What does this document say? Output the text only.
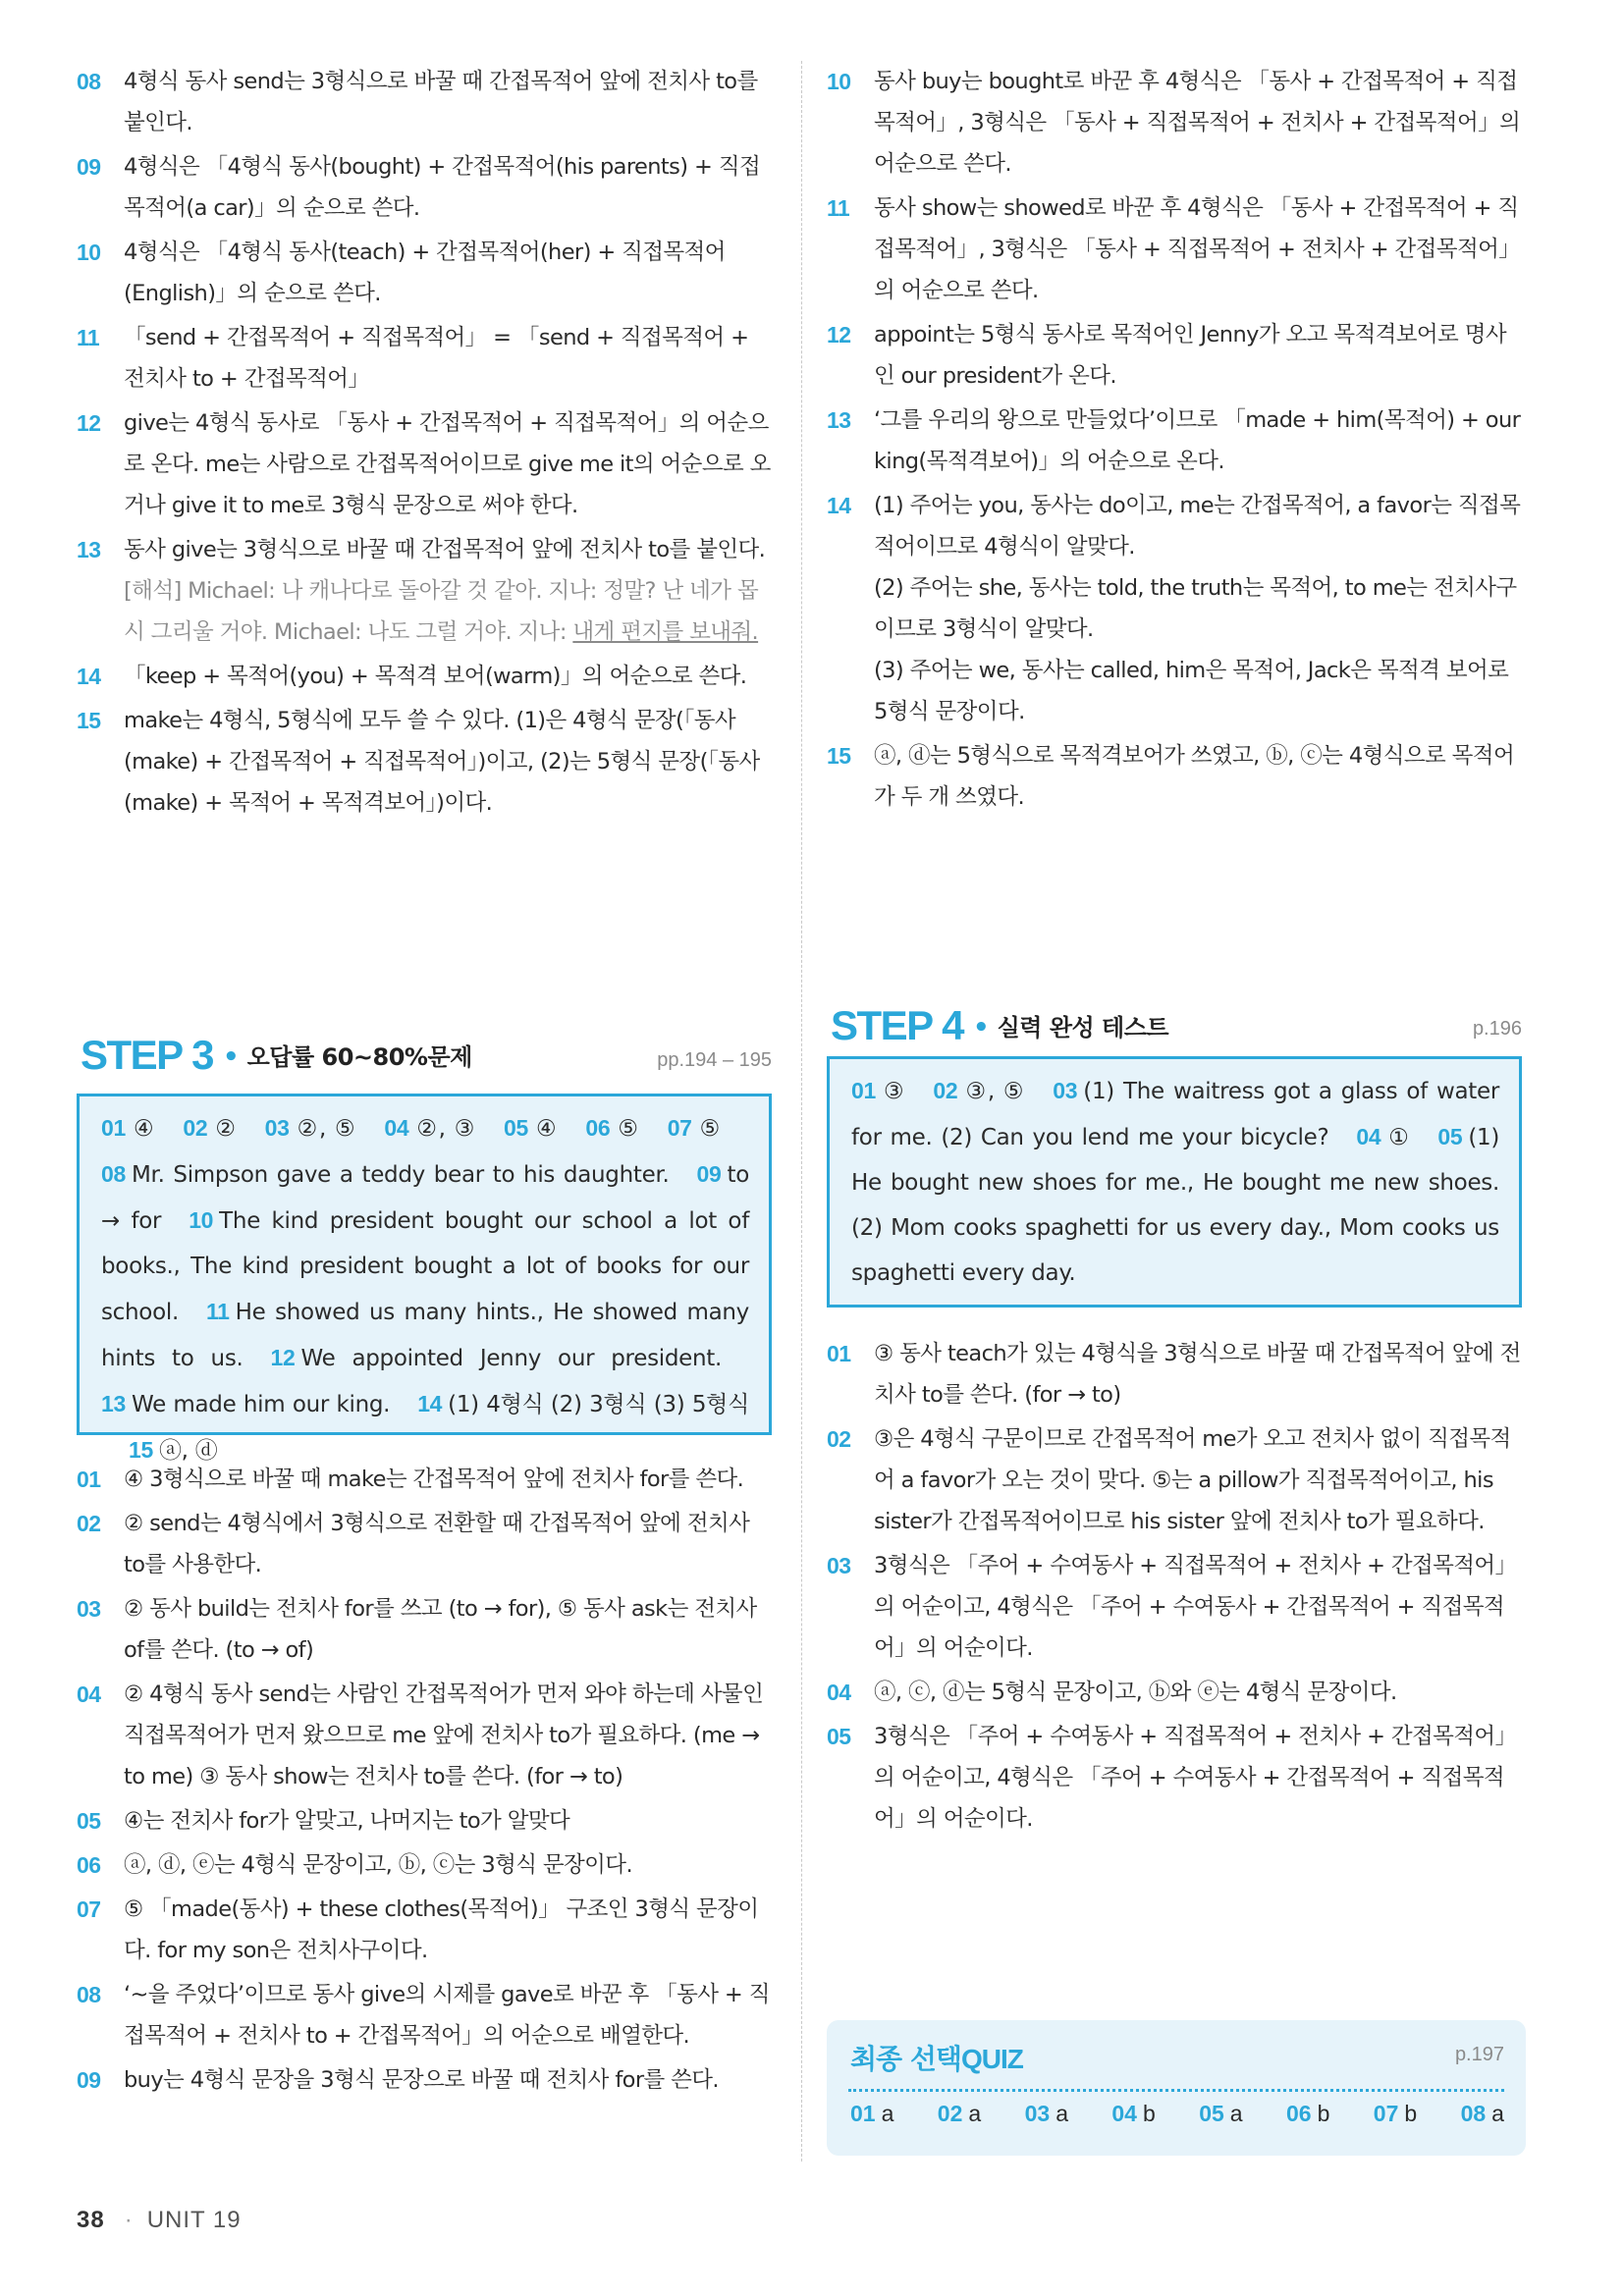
08 4형식 동사 send는 3형식으로 바꿀 때 간접목적어 앞에 전치사 to를 붙인다.
09 4형식은 「4형식 동사(bought) + 간접목적어(his parents) + 직접목적어(a car)」의 순으로 쓴다.
10 4형식은 「4형식 동사(teach) + 간접목적어(her) + 직접목적어(English)」의 순으로 쓴다.
11 「send + 간접목적어 + 직접목적어」 = 「send + 직접목적어 + 전치사 to + 간접목적어」
12 give는 4형식 동사로 「동사 + 간접목적어 + 직접목적어」의 어순으로 온다. me는 사람으로 간접목적어이므로 give me it의 어순으로 오거나 give it to me로 3형식 문장으로 써야 한다.
13 동사 give는 3형식으로 바꿀 때 간접목적어 앞에 전치사 to를 붙인다.
[해석] Michael: 나 캐나다로 돌아갈 것 같아. 지나: 정말? 난 네가 몹시 그리울 거야. Michael: 나도 그럴 거야. 지나: 내게 편지를 보내줘.
14 「keep + 목적어(you) + 목적격 보어(warm)」의 어순으로 쓴다.
15 make는 4형식, 5형식에 모두 쓸 수 있다. (1)은 4형식 문장(「동사(make) + 간접목적어 + 직접목적어」)이고, (2)는 5형식 문장(「동사(make) + 목적어 + 목적격보어」)이다.
STEP 3 • 오답률 60~80%문제	pp.194 – 195
01 ④ 02 ② 03 ②, ⑤ 04 ②, ③ 05 ④ 06 ⑤ 07 ⑤08 Mr. Simpson gave a teddy bear to his daughter. 09 to → for 10 The kind president bought our school a lot of books., The kind president bought a lot of books for our school. 11 He showed us many hints., He showed many hints to us. 12 We appointed Jenny our president.13 We made him our king. 14 (1) 4형식 (2) 3형식 (3) 5형식15 ⓐ, ⓓ
01 ④ 3형식으로 바꿀 때 make는 간접목적어 앞에 전치사 for를 쓴다.
02 ② send는 4형식에서 3형식으로 전환할 때 간접목적어 앞에 전치사 to를 사용한다.
03 ② 동사 build는 전치사 for를 쓰고 (to → for), ⑤ 동사 ask는 전치사 of를 쓴다. (to → of)
04 ② 4형식 동사 send는 사람인 간접목적어가 먼저 와야 하는데 사물인 직접목적어가 먼저 왔으므로 me 앞에 전치사 to가 필요하다. (me → to me) ③ 동사 show는 전치사 to를 쓴다. (for → to)
05 ④는 전치사 for가 알맞고, 나머지는 to가 알맞다
06 ⓐ, ⓓ, ⓔ는 4형식 문장이고, ⓑ, ⓒ는 3형식 문장이다.
07 ⑤ 「made(동사) + these clothes(목적어)」 구조인 3형식 문장이다. for my son은 전치사구이다.
08 ‘~을 주었다’이므로 동사 give의 시제를 gave로 바꾼 후 「동사 + 직접목적어 + 전치사 to + 간접목적어」의 어순으로 배열한다.
09 buy는 4형식 문장을 3형식 문장으로 바꿀 때 전치사 for를 쓴다.
10 동사 buy는 bought로 바꾼 후 4형식은 「동사 + 간접목적어 + 직접목적어」, 3형식은 「동사 + 직접목적어 + 전치사 + 간접목적어」의 어순으로 쓴다.
11 동사 show는 showed로 바꾼 후 4형식은 「동사 + 간접목적어 + 직접목적어」, 3형식은 「동사 + 직접목적어 + 전치사 + 간접목적어」의 어순으로 쓴다.
12 appoint는 5형식 동사로 목적어인 Jenny가 오고 목적격보어로 명사인 our president가 온다.
13 ‘그를 우리의 왕으로 만들었다’이므로 「made + him(목적어) + our king(목적격보어)」의 어순으로 온다.
14 (1) 주어는 you, 동사는 do이고, me는 간접목적어, a favor는 직접목적어이므로 4형식이 알맞다.
(2) 주어는 she, 동사는 told, the truth는 목적어, to me는 전치사구이므로 3형식이 알맞다.
(3) 주어는 we, 동사는 called, him은 목적어, Jack은 목적격 보어로 5형식 문장이다.
15 ⓐ, ⓓ는 5형식으로 목적격보어가 쓰였고, ⓑ, ⓒ는 4형식으로 목적어가 두 개 쓰였다.
STEP 4 • 실력 완성 테스트	p.196
01 ③ 02 ③, ⑤ 03 (1) The waitress got a glass of water for me. (2) Can you lend me your bicycle? 04 ① 05 (1) He bought new shoes for me., He bought me new shoes. (2) Mom cooks spaghetti for us every day., Mom cooks us spaghetti every day.
01 ③ 동사 teach가 있는 4형식을 3형식으로 바꿀 때 간접목적어 앞에 전치사 to를 쓴다. (for → to)
02 ③은 4형식 구문이므로 간접목적어 me가 오고 전치사 없이 직접목적어 a favor가 오는 것이 맞다. ⑤는 a pillow가 직접목적어이고, his sister가 간접목적어이므로 his sister 앞에 전치사 to가 필요하다.
03 3형식은 「주어 + 수여동사 + 직접목적어 + 전치사 + 간접목적어」의 어순이고, 4형식은 「주어 + 수여동사 + 간접목적어 + 직접목적어」의 어순이다.
04 ⓐ, ⓒ, ⓓ는 5형식 문장이고, ⓑ와 ⓔ는 4형식 문장이다.
05 3형식은 「주어 + 수여동사 + 직접목적어 + 전치사 + 간접목적어」의 어순이고, 4형식은 「주어 + 수여동사 + 간접목적어 + 직접목적어」의 어순이다.
최종 선택QUIZ	p.197
01 a 02 a 03 a 04 b 05 a 06 b 07 b 08 a
38 · UNIT 19
